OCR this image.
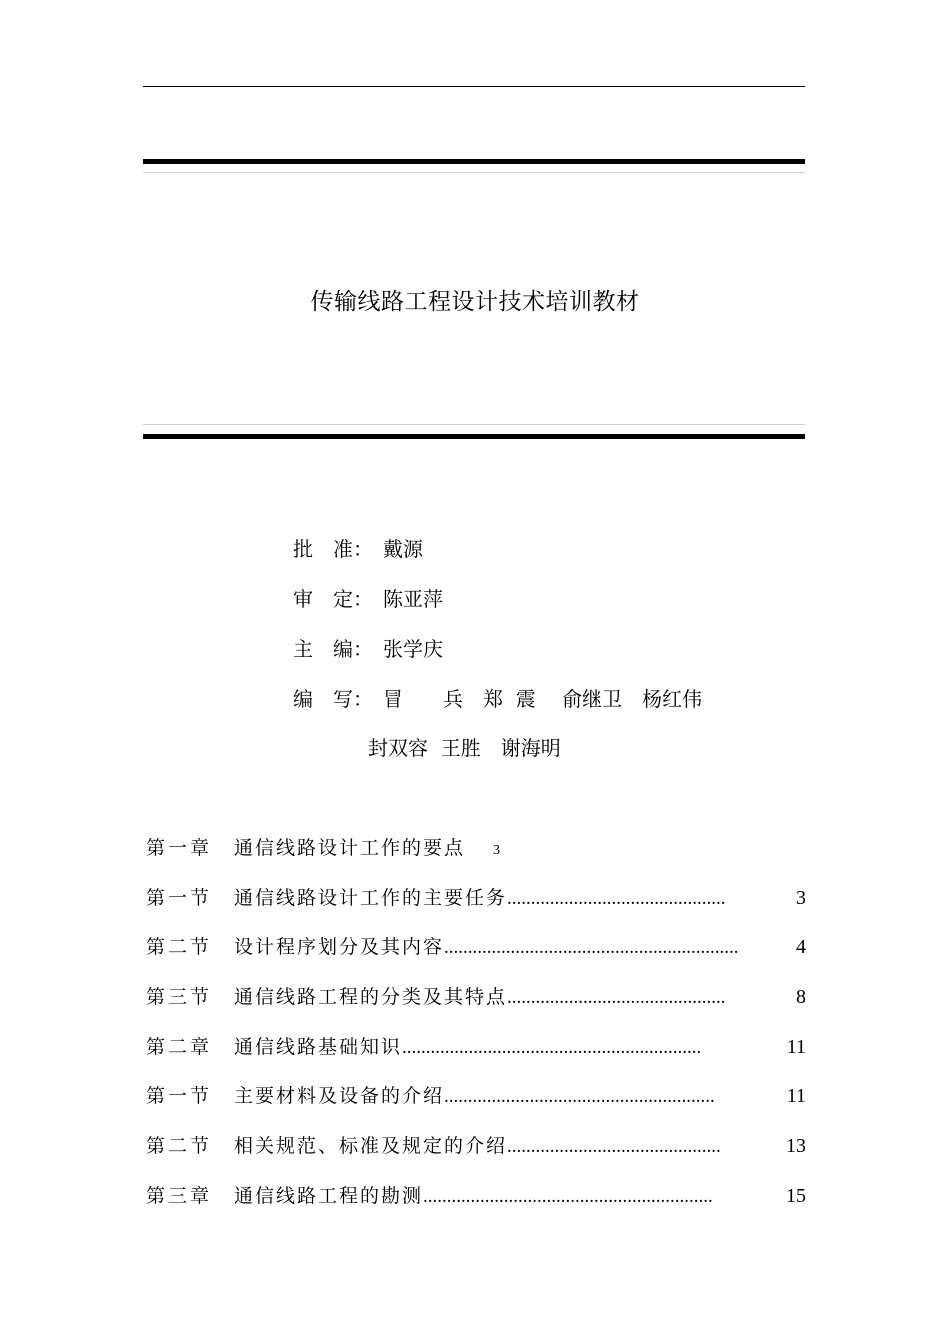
传输线路工程设计技术培训教材
批　准： 戴源
审　定： 陈亚萍
主　编： 张学庆
编　写： 冒　　兵　郑  震　 俞继卫　杨红伟
封双容  王胜　谢海明
第一章	通信线路设计工作的要点 3
第一节	通信线路设计工作的主要任务 ..............................................	3
第二节	设计程序划分及其内容 ..............................................................	4
第三节	通信线路工程的分类及其特点 ..............................................	8
第二章	通信线路基础知识 ...............................................................	11
第一节	主要材料及设备的介绍 .........................................................	11
第二节	相关规范、标准及规定的介绍 .............................................	13
第三章	通信线路工程的勘测 .............................................................	15
